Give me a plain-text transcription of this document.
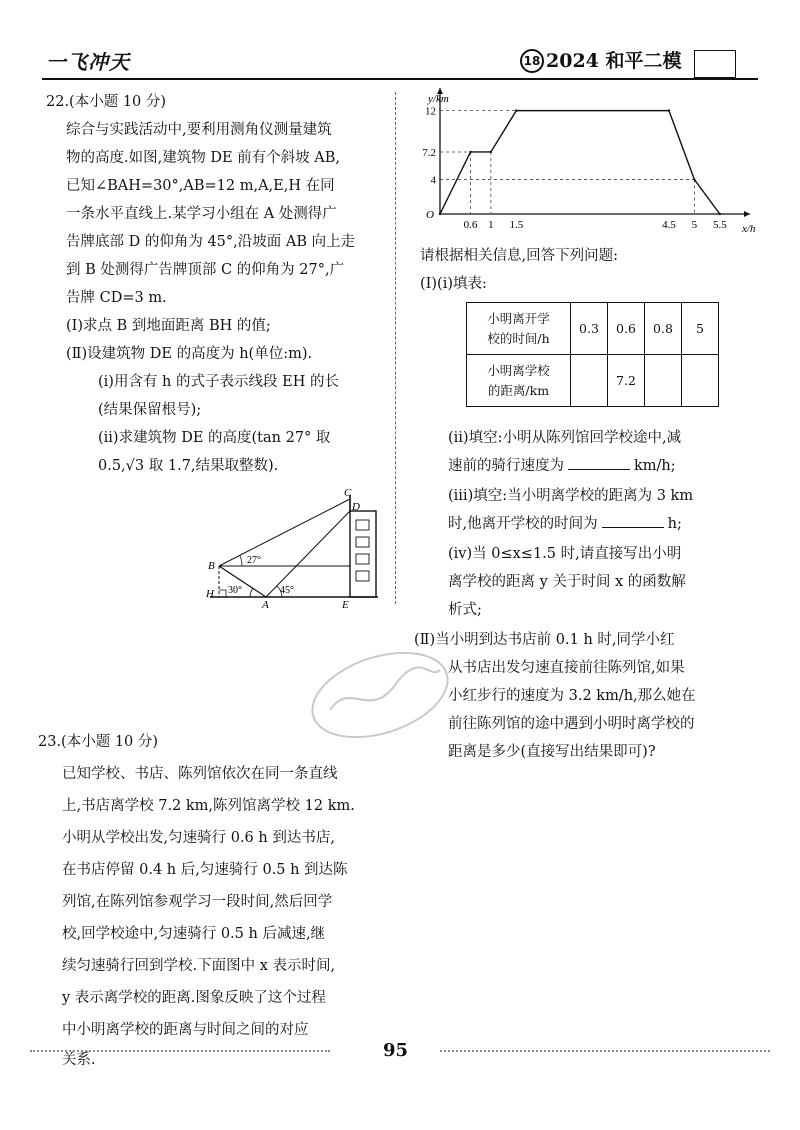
一飞冲天	18 2024 和平二模
22.(本小题 10 分)
综合与实践活动中,要利用测角仪测量建筑
物的高度.如图,建筑物 DE 前有个斜坡 AB,
已知∠BAH=30°,AB=12 m,A,E,H 在同
一条水平直线上.某学习小组在 A 处测得广
告牌底部 D 的仰角为 45°,沿坡面 AB 向上走
到 B 处测得广告牌顶部 C 的仰角为 27°,广
告牌 CD=3 m.
(Ⅰ)求点 B 到地面距离 BH 的值;
(Ⅱ)设建筑物 DE 的高度为 h(单位:m).
(ⅰ)用含有 h 的式子表示线段 EH 的长
(结果保留根号);
(ⅱ)求建筑物 DE 的高度(tan 27° 取
0.5,√3 取 1.7,结果取整数).
C
D
B
H
A	E
27°
30°	45°
23.(本小题 10 分)
已知学校、书店、陈列馆依次在同一条直线
上,书店离学校 7.2 km,陈列馆离学校 12 km.
小明从学校出发,匀速骑行 0.6 h 到达书店,
在书店停留 0.4 h 后,匀速骑行 0.5 h 到达陈
列馆,在陈列馆参观学习一段时间,然后回学
校,回学校途中,匀速骑行 0.5 h 后减速,继
续匀速骑行回到学校.下面图中 x 表示时间,
y 表示离学校的距离.图象反映了这个过程
中小明离学校的距离与时间之间的对应
关系.
12
7.2
4
0.6 1 1.5	4.5 5 5.5
y/km
x/h
O
请根据相关信息,回答下列问题:
(Ⅰ)(ⅰ)填表:
小明离开学
校的时间/h	0.3	0.6	0.8	5

小明离学校
的距离/km		7.2		
(ⅱ)填空:小明从陈列馆回学校途中,减
速前的骑行速度为	km/h;
(ⅲ)填空:当小明离学校的距离为 3 km
时,他离开学校的时间为	h;
(ⅳ)当 0≤x≤1.5 时,请直接写出小明
离学校的距离 y 关于时间 x 的函数解
析式;
(Ⅱ)当小明到达书店前 0.1 h 时,同学小红
从书店出发匀速直接前往陈列馆,如果
小红步行的速度为 3.2 km/h,那么她在
前往陈列馆的途中遇到小明时离学校的
距离是多少(直接写出结果即可)?
95
